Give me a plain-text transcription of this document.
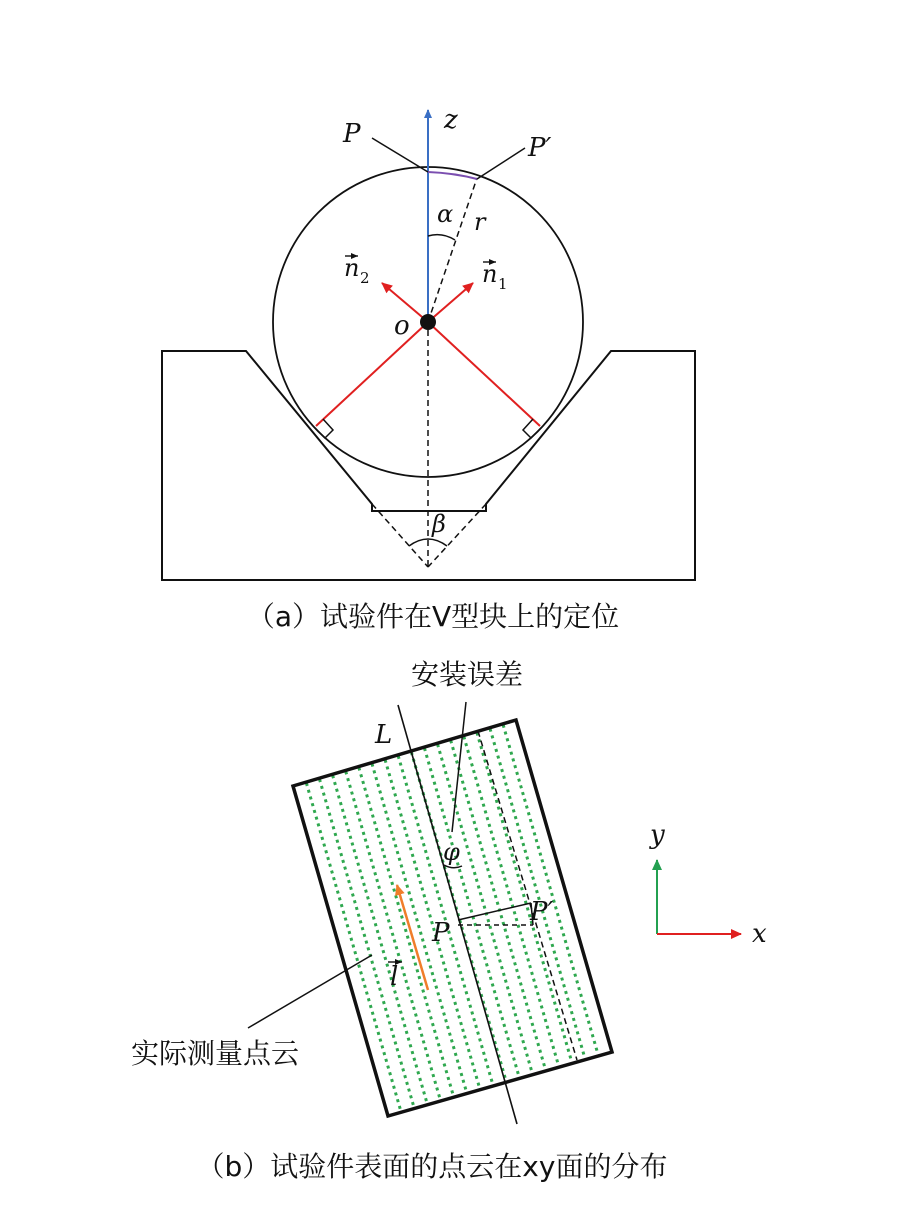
P	P′
z
α r
n 2	n 1
o
β
（a）试验件在V型块上的定位
安装误差
L
φ
P
P′
l
实际测量点云
y
x
（b）试验件表面的点云在xy面的分布
